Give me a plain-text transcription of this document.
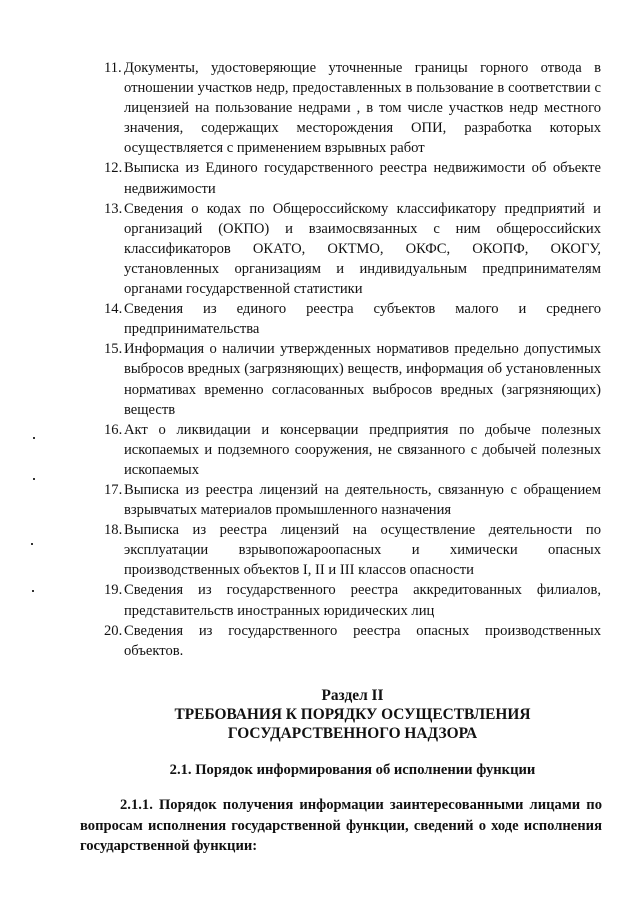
11. Документы, удостоверяющие уточненные границы горного отвода в отношении участков недр, предоставленных в пользование в соответствии с лицензией на пользование недрами , в том числе участков недр местного значения, содержащих месторождения ОПИ, разработка которых осуществляется с применением взрывных работ
12. Выписка из Единого государственного реестра недвижимости об объекте недвижимости
13. Сведения о кодах по Общероссийскому классификатору предприятий и организаций (ОКПО) и взаимосвязанных с ним общероссийских классификаторов ОКАТО, ОКТМО, ОКФС, ОКОПФ, ОКОГУ, установленных организациям и индивидуальным предпринимателям органами государственной статистики
14. Сведения из единого реестра субъектов малого и среднего предпринимательства
15. Информация о наличии утвержденных нормативов предельно допустимых выбросов вредных (загрязняющих) веществ, информация об установленных нормативах временно согласованных выбросов вредных (загрязняющих) веществ
16. Акт о ликвидации и консервации предприятия по добыче полезных ископаемых и подземного сооружения, не связанного с добычей полезных ископаемых
17. Выписка из реестра лицензий на деятельность, связанную с обращением взрывчатых материалов промышленного назначения
18. Выписка из реестра лицензий на осуществление деятельности по эксплуатации взрывопожароопасных и химически опасных производственных объектов I, II и III классов опасности
19. Сведения из государственного реестра аккредитованных филиалов, представительств иностранных юридических лиц
20. Сведения из государственного реестра опасных производственных объектов.
Раздел II
ТРЕБОВАНИЯ К ПОРЯДКУ ОСУЩЕСТВЛЕНИЯ
ГОСУДАРСТВЕННОГО НАДЗОРА
2.1. Порядок информирования об исполнении функции

2.1.1. Порядок получения информации заинтересованными лицами по вопросам исполнения государственной функции, сведений о ходе исполнения государственной функции:
